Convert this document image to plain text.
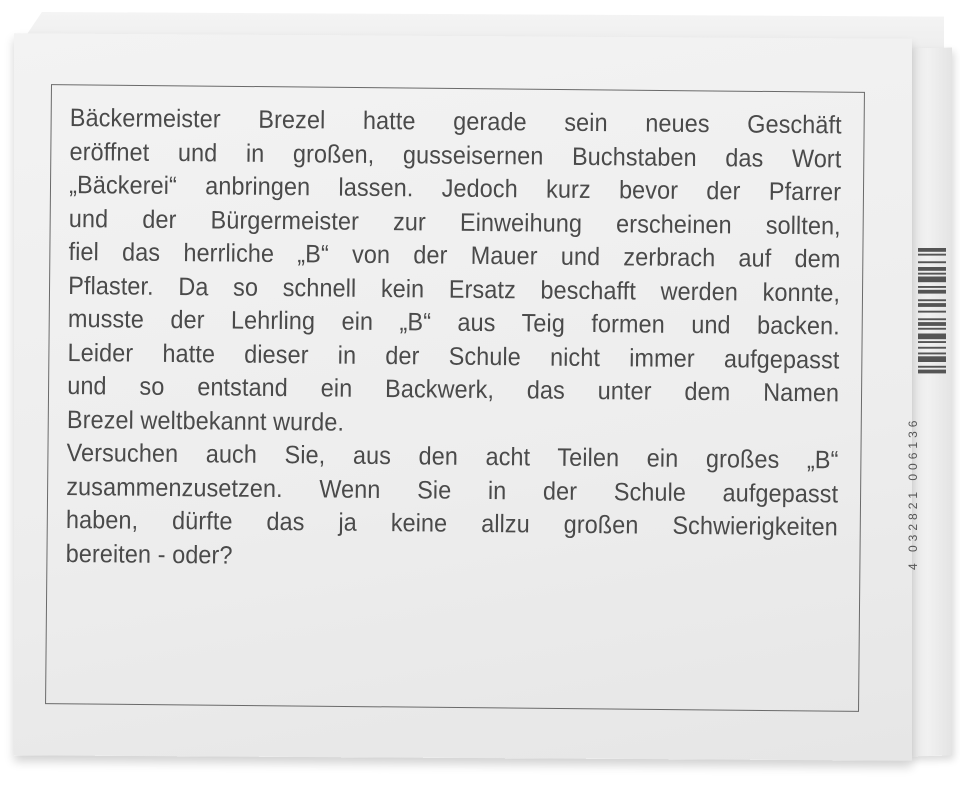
Bäckermeister Brezel hatte gerade sein neues Geschäft
eröffnet und in großen, gusseisernen Buchstaben das Wort
„Bäckerei“ anbringen lassen. Jedoch kurz bevor der Pfarrer
und der Bürgermeister zur Einweihung erscheinen sollten,
fiel das herrliche „B“ von der Mauer und zerbrach auf dem
Pflaster. Da so schnell kein Ersatz beschafft werden konnte,
musste der Lehrling ein „B“ aus Teig formen und backen.
Leider hatte dieser in der Schule nicht immer aufgepasst
und so entstand ein Backwerk, das unter dem Namen
Brezel weltbekannt wurde.
Versuchen auch Sie, aus den acht Teilen ein großes „B“
zusammenzusetzen. Wenn Sie in der Schule aufgepasst
haben, dürfte das ja keine allzu großen Schwierigkeiten
bereiten - oder?	4 032821 006136
